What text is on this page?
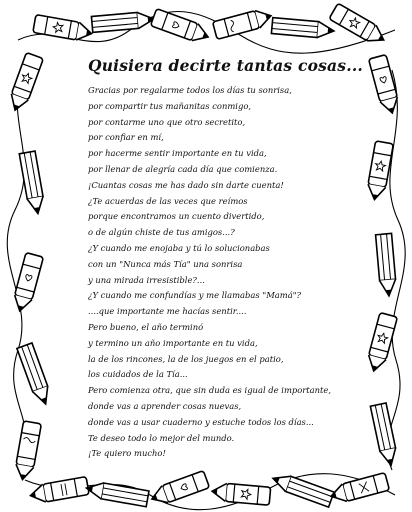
Quisiera decirte tantas cosas...
Gracias por regalarme todos los días tu sonrisa,
por compartir tus mañanitas conmigo,
por contarme uno que otro secretito,
por confiar en mí,
por hacerme sentir importante en tu vida,
por llenar de alegría cada día que comienza.
¡Cuantas cosas me has dado sin darte cuenta!
¿Te acuerdas de las veces que reímos
porque encontramos un cuento divertido,
o de algún chiste de tus amigos...?
¿Y cuando me enojaba y tú lo solucionabas
con un "Nunca más Tía" una sonrisa
y una mirada irresistible?...
¿Y cuando me confundías y me llamabas "Mamá"?
....que importante me hacías sentir....
Pero bueno, el año terminó
y termino un año importante en tu vida,
la de los rincones, la de los juegos en el patio,
los cuidados de la Tía...
Pero comienza otra, que sin duda es igual de importante,
donde vas a aprender cosas nuevas,
donde vas a usar cuaderno y estuche todos los días...
Te deseo todo lo mejor del mundo.
¡Te quiero mucho!
